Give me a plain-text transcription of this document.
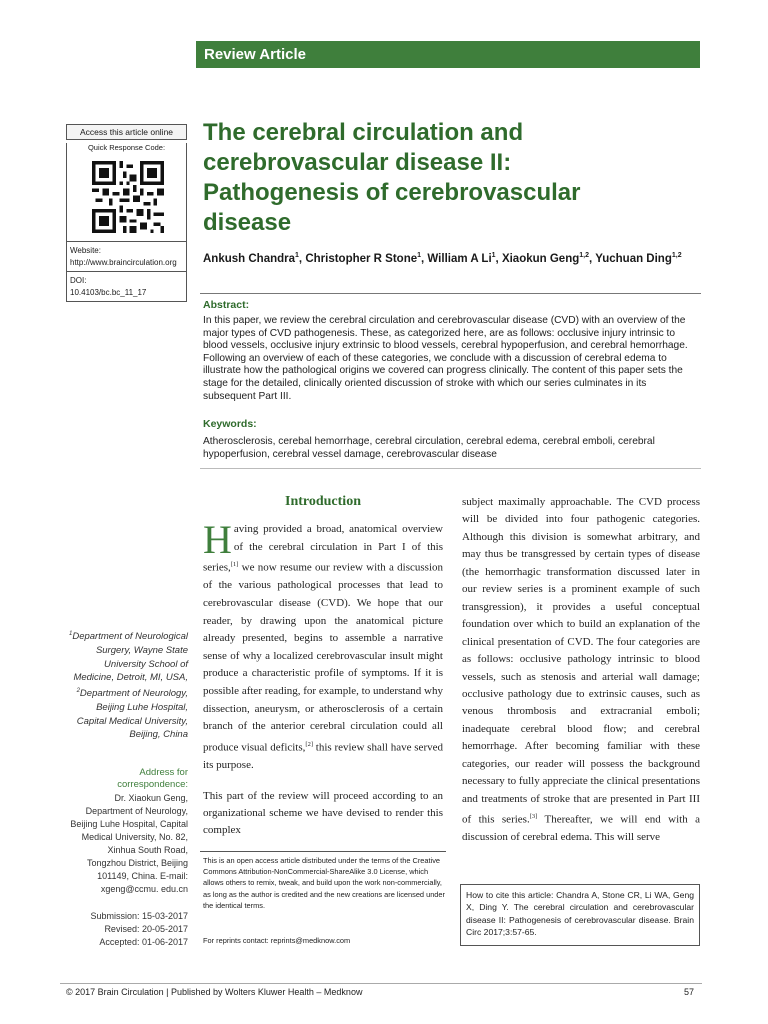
Review Article
Access this article online
Quick Response Code:
Website:
http://www.braincirculation.org
DOI:
10.4103/bc.bc_11_17
The cerebral circulation and cerebrovascular disease II: Pathogenesis of cerebrovascular disease
Ankush Chandra$^1$, Christopher R Stone$^1$, William A Li$^1$, Xiaokun Geng$^{1,2}$, Yuchuan Ding$^{1,2}$
Abstract:
In this paper, we review the cerebral circulation and cerebrovascular disease (CVD) with an overview of the major types of CVD pathogenesis. These, as categorized here, are as follows: occlusive injury intrinsic to blood vessels, occlusive injury extrinsic to blood vessels, cerebral hypoperfusion, and cerebral hemorrhage. Following an overview of each of these categories, we conclude with a discussion of cerebral edema to illustrate how the pathological origins we covered can progress clinically. The content of this paper sets the stage for the detailed, clinically oriented discussion of stroke with which our series culminates in its subsequent Part III.
Keywords:
Atherosclerosis, cerebal hemorrhage, cerebral circulation, cerebral edema, cerebral emboli, cerebral hypoperfusion, cerebral vessel damage, cerebrovascular disease
$^1$Department of Neurological Surgery, Wayne State University School of Medicine, Detroit, MI, USA, $^2$Department of Neurology, Beijing Luhe Hospital, Capital Medical University, Beijing, China
Address for correspondence:
Dr. Xiaokun Geng, Department of Neurology, Beijing Luhe Hospital, Capital Medical University, No. 82, Xinhua South Road, Tongzhou District, Beijing 101149, China. E-mail: xgeng@ccmu. edu.cn
Submission: 15-03-2017
Revised: 20-05-2017
Accepted: 01-06-2017
Introduction
Having provided a broad, anatomical overview of the cerebral circulation in Part I of this series,[1] we now resume our review with a discussion of the various pathological processes that lead to cerebrovascular disease (CVD). We hope that our reader, by drawing upon the anatomical picture already presented, begins to assemble a narrative sense of why a localized cerebrovascular insult might produce a characteristic profile of symptoms. If it is possible after reading, for example, to understand why dissection, aneurysm, or atherosclerosis of a certain branch of the anterior cerebral circulation could all produce visual deficits,[2] this review shall have served its purpose.
This part of the review will proceed according to an organizational scheme we have devised to render this complex
subject maximally approachable. The CVD process will be divided into four pathogenic categories. Although this division is somewhat arbitrary, and may thus be transgressed by certain types of disease (the hemorrhagic transformation discussed later in our review series is a prominent example of such transgression), it provides a useful conceptual foundation over which to build an explanation of the clinical presentation of CVD. The four categories are as follows: occlusive pathology intrinsic to blood vessels, such as stenosis and arterial wall damage; occlusive pathology due to extrinsic causes, such as venous thrombosis and extracranial emboli; inadequate cerebral blood flow; and cerebral hemorrhage. After becoming familiar with these categories, our reader will possess the background necessary to fully appreciate the clinical presentations and treatments of stroke that are presented in Part III of this series.[3] Thereafter, we will end with a discussion of cerebral edema. This will serve
This is an open access article distributed under the terms of the Creative Commons Attribution-NonCommercial-ShareAlike 3.0 License, which allows others to remix, tweak, and build upon the work non-commercially, as long as the author is credited and the new creations are licensed under the identical terms.
For reprints contact: reprints@medknow.com
How to cite this article: Chandra A, Stone CR, Li WA, Geng X, Ding Y. The cerebral circulation and cerebrovascular disease II: Pathogenesis of cerebrovascular disease. Brain Circ 2017;3:57-65.
© 2017 Brain Circulation | Published by Wolters Kluwer Health – Medknow	57
